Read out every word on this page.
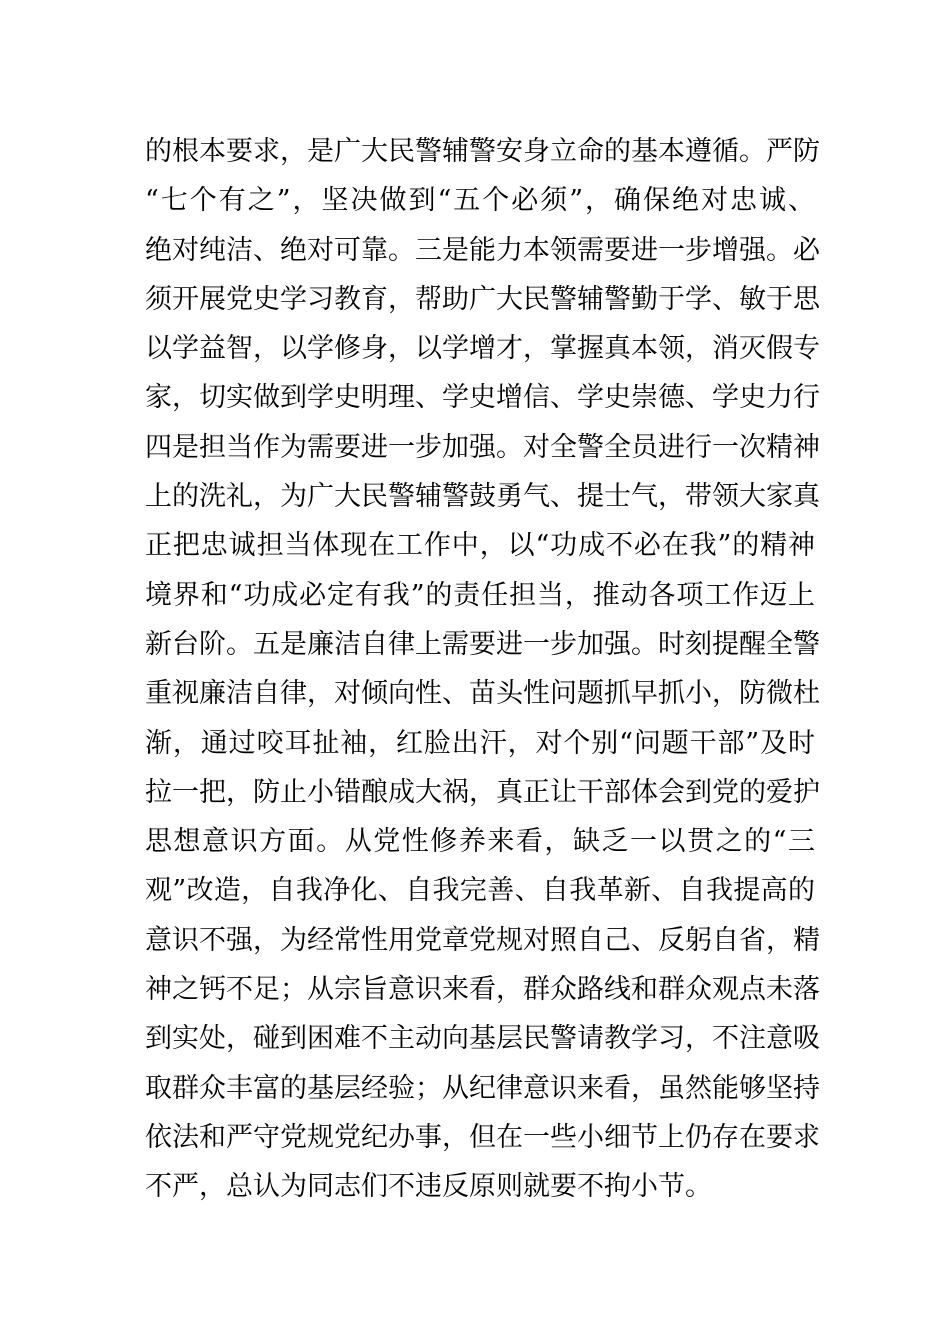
的根本要求，是广大民警辅警安身立命的基本遵循。严防
“七个有之”，坚决做到“五个必须”，确保绝对忠诚、
绝对纯洁、绝对可靠。三是能力本领需要进一步增强。必
须开展党史学习教育，帮助广大民警辅警勤于学、敏于思
以学益智，以学修身，以学增才，掌握真本领，消灭假专
家，切实做到学史明理、学史增信、学史崇德、学史力行
四是担当作为需要进一步加强。对全警全员进行一次精神
上的洗礼，为广大民警辅警鼓勇气、提士气，带领大家真
正把忠诚担当体现在工作中，以“功成不必在我”的精神
境界和“功成必定有我”的责任担当，推动各项工作迈上
新台阶。五是廉洁自律上需要进一步加强。时刻提醒全警
重视廉洁自律，对倾向性、苗头性问题抓早抓小，防微杜
渐，通过咬耳扯袖，红脸出汗，对个别“问题干部”及时
拉一把，防止小错酿成大祸，真正让干部体会到党的爱护
思想意识方面。从党性修养来看，缺乏一以贯之的“三
观”改造，自我净化、自我完善、自我革新、自我提高的
意识不强，为经常性用党章党规对照自己、反躬自省，精
神之钙不足；从宗旨意识来看，群众路线和群众观点未落
到实处，碰到困难不主动向基层民警请教学习，不注意吸
取群众丰富的基层经验；从纪律意识来看，虽然能够坚持
依法和严守党规党纪办事，但在一些小细节上仍存在要求
不严，总认为同志们不违反原则就要不拘小节。
